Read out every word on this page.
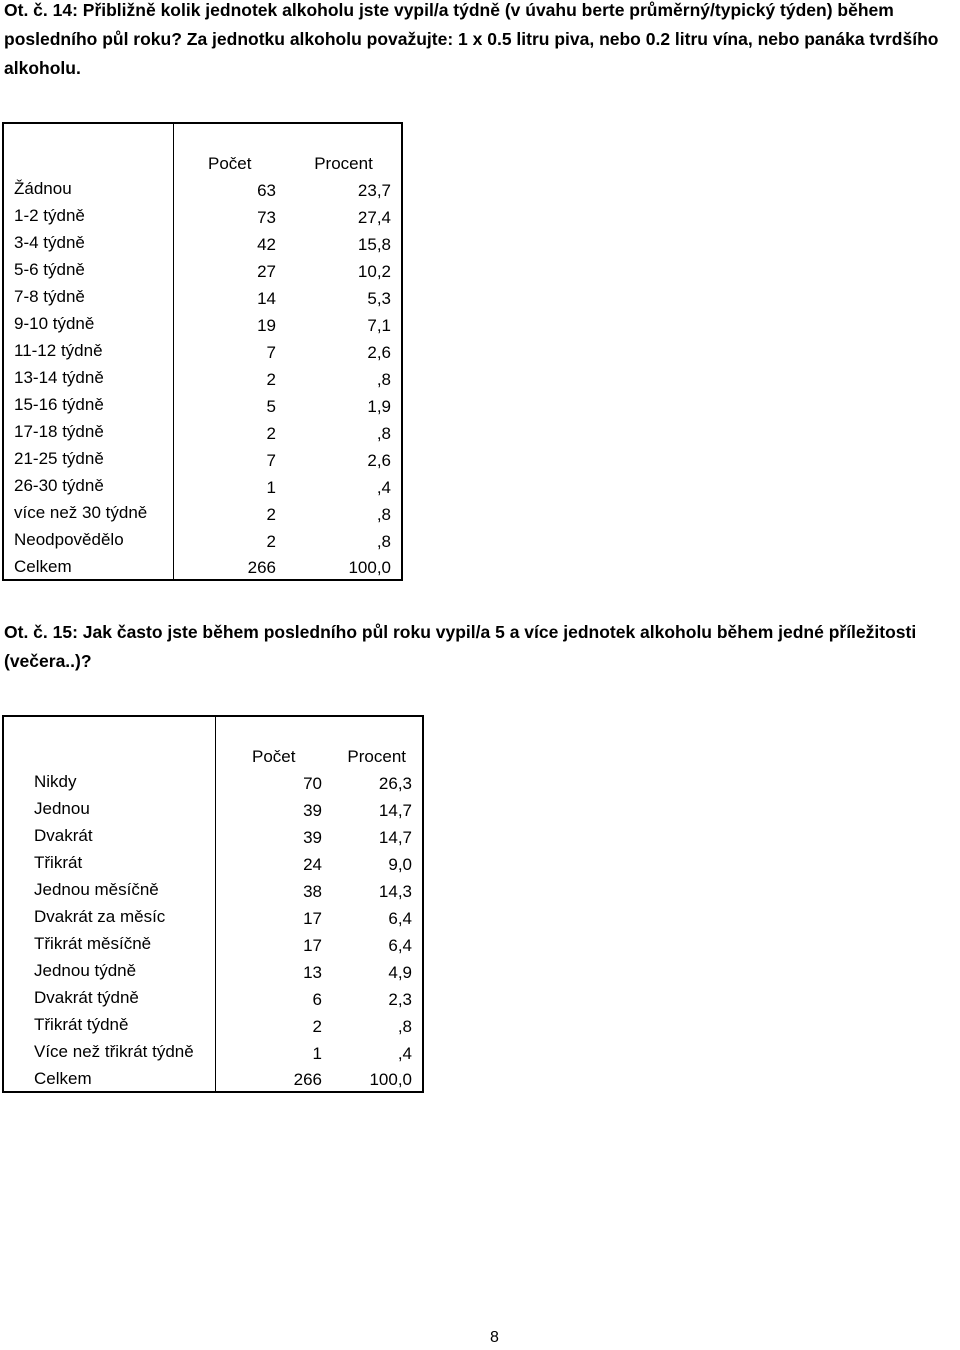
Ot. č. 14: Přibližně kolik jednotek alkoholu jste vypil/a týdně (v úvahu berte průměrný/typický týden) během posledního půl roku? Za jednotku alkoholu považujte: 1 x 0.5 litru piva, nebo 0.2 litru vína, nebo panáka tvrdšího alkoholu.

	Počet	Procent
Žádnou	63	23,7
1-2 týdně	73	27,4
3-4 týdně	42	15,8
5-6 týdně	27	10,2
7-8 týdně	14	5,3
9-10 týdně	19	7,1
11-12 týdně	7	2,6
13-14 týdně	2	,8
15-16 týdně	5	1,9
17-18 týdně	2	,8
21-25 týdně	7	2,6
26-30 týdně	1	,4
více než 30 týdně	2	,8
Neodpovědělo	2	,8
Celkem	266	100,0

Ot. č. 15: Jak často jste během posledního půl roku vypil/a 5 a více jednotek alkoholu během jedné příležitosti (večera..)?

	Počet	Procent
Nikdy	70	26,3
Jednou	39	14,7
Dvakrát	39	14,7
Třikrát	24	9,0
Jednou měsíčně	38	14,3
Dvakrát za měsíc	17	6,4
Třikrát měsíčně	17	6,4
Jednou týdně	13	4,9
Dvakrát týdně	6	2,3
Třikrát týdně	2	,8
Více než třikrát týdně	1	,4
Celkem	266	100,0
8
